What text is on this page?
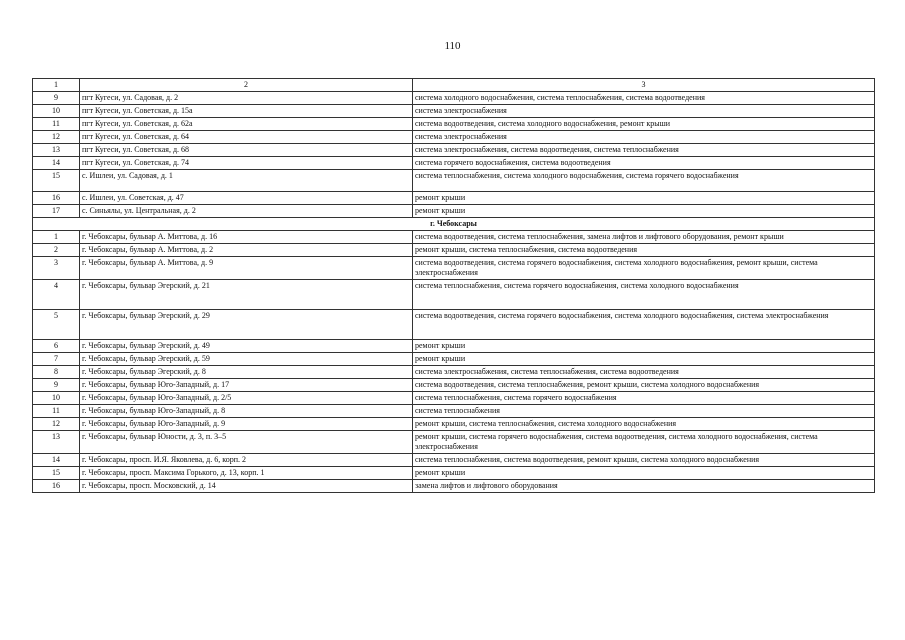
110
1	2	3
9	пгт Кугеси, ул. Садовая, д. 2	система холодного водоснабжения, система теплоснабжения, система водоотведения
10	пгт Кугеси, ул. Советская, д. 15а	система электроснабжения
11	пгт Кугеси, ул. Советская, д. 62а	система водоотведения, система холодного водоснабжения, ремонт крыши
12	пгт Кугеси, ул. Советская, д. 64	система электроснабжения
13	пгт Кугеси, ул. Советская, д. 68	система электроснабжения, система водоотведения, система теплоснабжения
14	пгт Кугеси, ул. Советская, д. 74	система горячего водоснабжения, система водоотведения
15	с. Ишлеи, ул. Садовая, д. 1	система теплоснабжения, система холодного водоснабжения, система горячего водоснабжения
16	с. Ишлеи, ул. Советская, д. 47	ремонт крыши
17	с. Синьялы, ул. Центральная, д. 2	ремонт крыши
г. Чебоксары		
1	г. Чебоксары, бульвар А. Миттова, д. 16	система водоотведения, система теплоснабжения, замена лифтов и лифтового оборудования, ремонт крыши
2	г. Чебоксары, бульвар А. Миттова, д. 2	ремонт крыши, система теплоснабжения, система водоотведения
3	г. Чебоксары, бульвар А. Миттова, д. 9	система водоотведения, система горячего водоснабжения, система холодного водоснабжения, ремонт крыши, система электроснабжения
4	г. Чебоксары, бульвар Эгерский, д. 21	система теплоснабжения, система горячего водоснабжения, система холодного водоснабжения
5	г. Чебоксары, бульвар Эгерский, д. 29	система водоотведения, система горячего водоснабжения, система холодного водоснабжения, система электроснабжения
6	г. Чебоксары, бульвар Эгерский, д. 49	ремонт крыши
7	г. Чебоксары, бульвар Эгерский, д. 59	ремонт крыши
8	г. Чебоксары, бульвар Эгерский, д. 8	система электроснабжения, система теплоснабжения, система водоотведения
9	г. Чебоксары, бульвар Юго-Западный, д. 17	система водоотведения, система теплоснабжения, ремонт крыши, система холодного водоснабжения
10	г. Чебоксары, бульвар Юго-Западный, д. 2/5	система теплоснабжения, система горячего водоснабжения
11	г. Чебоксары, бульвар Юго-Западный, д. 8	система теплоснабжения
12	г. Чебоксары, бульвар Юго-Западный, д. 9	ремонт крыши, система теплоснабжения, система холодного водоснабжения
13	г. Чебоксары, бульвар Юности, д. 3, п. 3–5	ремонт крыши, система горячего водоснабжения, система водоотведения, система холодного водоснабжения, система электроснабжения
14	г. Чебоксары, просп. И.Я. Яковлева, д. 6, корп. 2	система теплоснабжения, система водоотведения, ремонт крыши, система холодного водоснабжения
15	г. Чебоксары, просп. Максима Горького, д. 13, корп. 1	ремонт крыши
16	г. Чебоксары, просп. Московский, д. 14	замена лифтов и лифтового оборудования
